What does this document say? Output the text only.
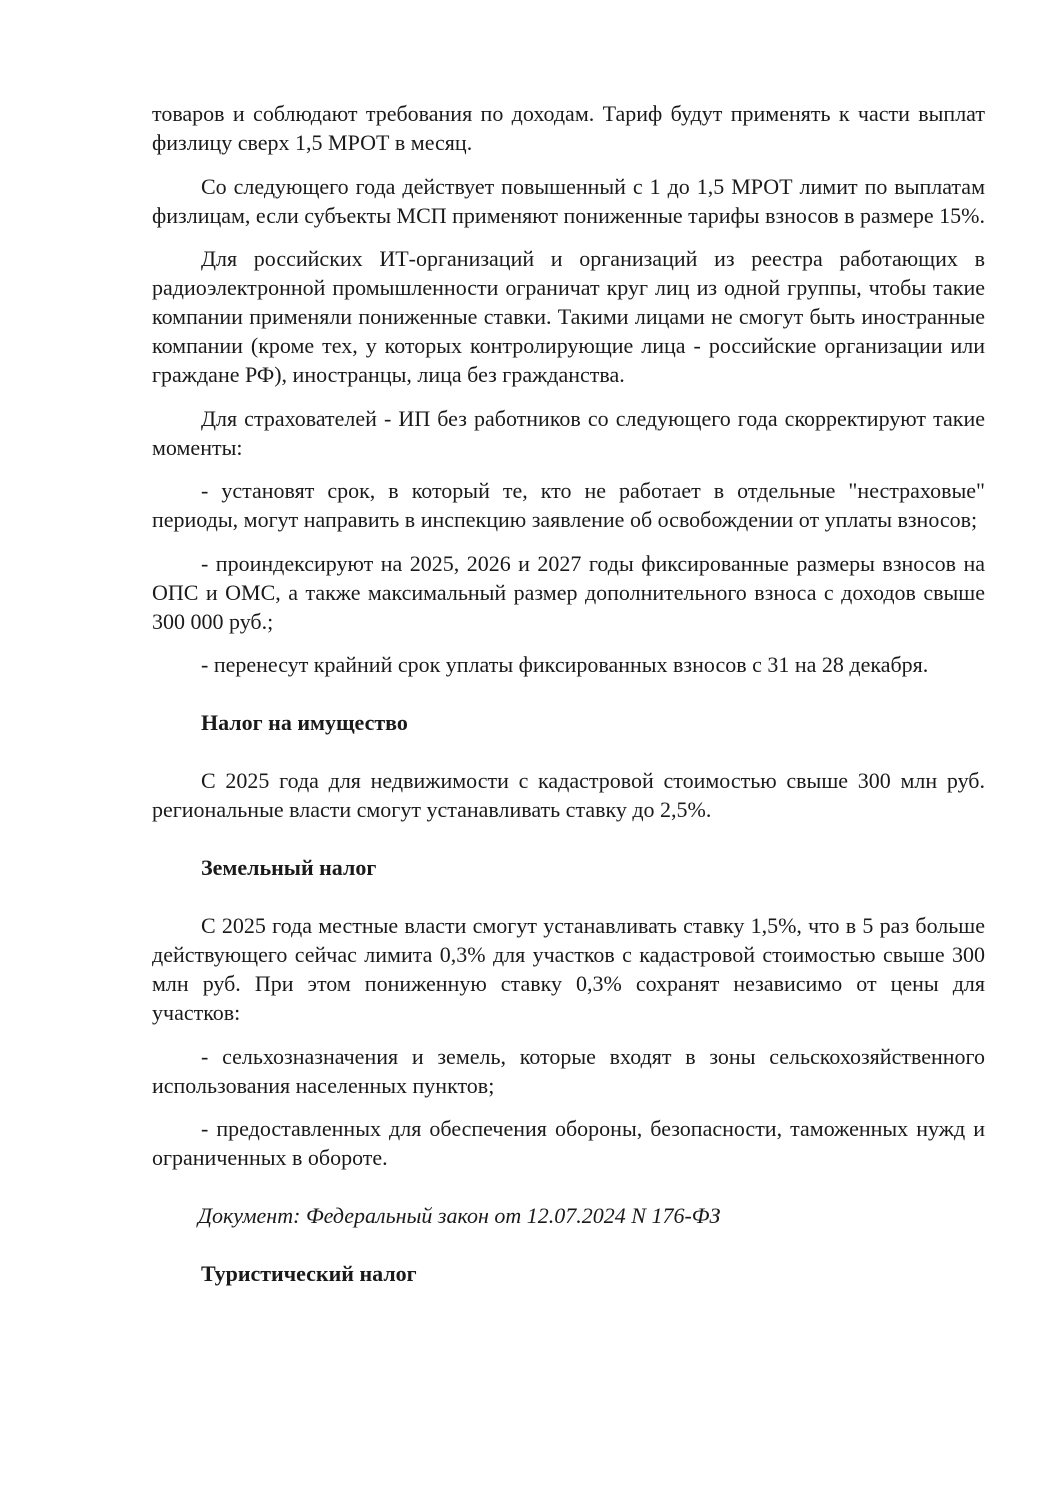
товаров и соблюдают требования по доходам. Тариф будут применять к части выплат физлицу сверх 1,5 МРОТ в месяц.

Со следующего года действует повышенный с 1 до 1,5 МРОТ лимит по выплатам физлицам, если субъекты МСП применяют пониженные тарифы взносов в размере 15%.

Для российских ИТ-организаций и организаций из реестра работающих в радиоэлектронной промышленности ограничат круг лиц из одной группы, чтобы такие компании применяли пониженные ставки. Такими лицами не смогут быть иностранные компании (кроме тех, у которых контролирующие лица - российские организации или граждане РФ), иностранцы, лица без гражданства.

Для страхователей - ИП без работников со следующего года скорректируют такие моменты:

- установят срок, в который те, кто не работает в отдельные "нестраховые" периоды, могут направить в инспекцию заявление об освобождении от уплаты взносов;

- проиндексируют на 2025, 2026 и 2027 годы фиксированные размеры взносов на ОПС и ОМС, а также максимальный размер дополнительного взноса с доходов свыше 300 000 руб.;

- перенесут крайний срок уплаты фиксированных взносов с 31 на 28 декабря.

Налог на имущество

С 2025 года для недвижимости с кадастровой стоимостью свыше 300 млн руб. региональные власти смогут устанавливать ставку до 2,5%.

Земельный налог

С 2025 года местные власти смогут устанавливать ставку 1,5%, что в 5 раз больше действующего сейчас лимита 0,3% для участков с кадастровой стоимостью свыше 300 млн руб. При этом пониженную ставку 0,3% сохранят независимо от цены для участков:

- сельхозназначения и земель, которые входят в зоны сельскохозяйственного использования населенных пунктов;

- предоставленных для обеспечения обороны, безопасности, таможенных нужд и ограниченных в обороте.

Документ: Федеральный закон от 12.07.2024 N 176-ФЗ
Туристический налог
